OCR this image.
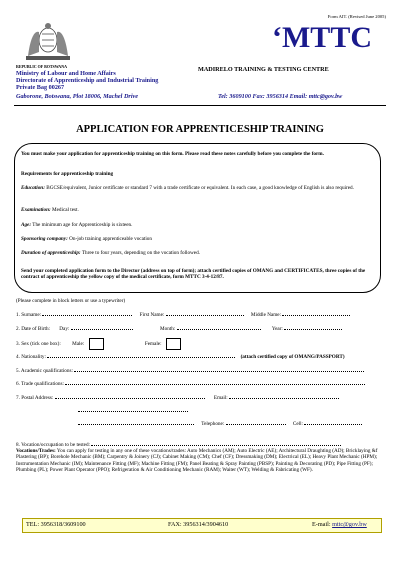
Form AIT. (Revised June 2005)
REPUBLIC OF BOTSWANA
Ministry of Labour and Home Affairs
Directorate of Apprenticeship and Industrial Training
Private Bag 00267
Gaborone, Botswana, Plot 18006, Machel Drive
‘MTTC
MADIRELO TRAINING & TESTING CENTRE
Tel: 3609100 Fax: 3956314 Email: mttc@gov.bw
APPLICATION FOR APPRENTICESHIP TRAINING
You must make your application for apprenticeship training on this form. Please read these notes carefully before you complete the form.
Requirements for apprenticeship training
Education: BGCSE/equivalent, Junior certificate or standard 7 with a trade certificate or equivalent. In each case, a good knowledge of English is also required.
Examination: Medical test.
Age: The minimum age for Apprenticeship is sixteen.
Sponsoring company: On-job training apprenticeable vocation
Duration of apprenticeship: Three to four years, depending on the vocation followed.
Send your completed application form to the Director (address on top of form); attach certified copies of OMANG and CERTIFICATES, three copies of the contract of apprenticeship the yellow copy of the medical certificate, form MTTC 3-4-12/87.
(Please complete in block letters or use a typewriter)
1. Surname:	First Name:	Middle Name:
2. Date of Birth: Day:	Month:	Year:
3. Sex (tick one box): Male:	Female:
4. Nationality:	(attach certified copy of OMANG/PASSPORT)
5. Academic qualifications:
6. Trade qualifications:
7. Postal Address:	Email:
Telephone:	Cell:
8. Vocation/occupation to be tested:
Vocations/Trades: You can apply for testing in any one of these vocations/trades: Auto Mechanics (AM); Auto Electric (AE); Architectural Draughting (AD); Bricklaying &f Plastering (BP); Borehole Mechanic (BM); Carpentry & Joinery (CJ); Cabinet Making (CM); Chef (CF); Dressmaking (DM); Electrical (EL); Heavy Plant Mechanic (HPM); Instrumentation Mechanic (IM); Maintenance Fitting (MF); Machine Fitting (FM); Panel Beating & Spray Painting (PBSP); Painting & Decorating (PD); Pipe Fitting (PF); Plumbing (PL); Power Plant Operator (PPO); Refrigeration & Air Conditioning Mechanic (RAM); Waiter (WT); Welding & Fabricating (WF).
TEL: 3956318/3609100	FAX: 3956314/3904610	E-mail: mttc@gov.bw
